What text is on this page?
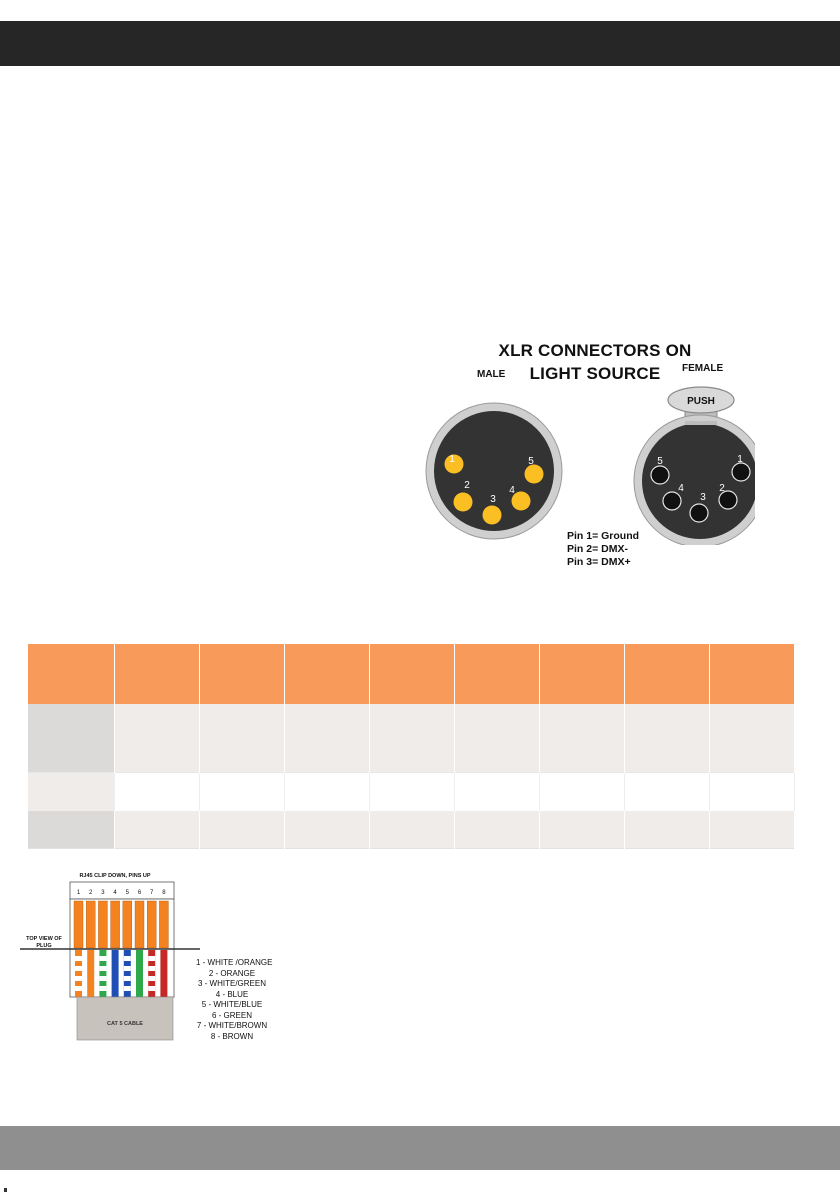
XLR CONNECTORS ON
LIGHT SOURCE
MALE
FEMALE
1
2
3
4
5
PUSH
5
4
3
2
1
Pin 1= Ground
Pin 2= DMX-
Pin 3= DMX+

RJ45 CLIP DOWN, PINS UP
1 2 3 4 5 6 7 8
CAT 5 CABLE
TOP VIEW OF
PLUG
1 - WHITE /ORANGE
2 - ORANGE
3 - WHITE/GREEN
4 - BLUE
5 - WHITE/BLUE
6 - GREEN
7 - WHITE/BROWN
8 - BROWN
